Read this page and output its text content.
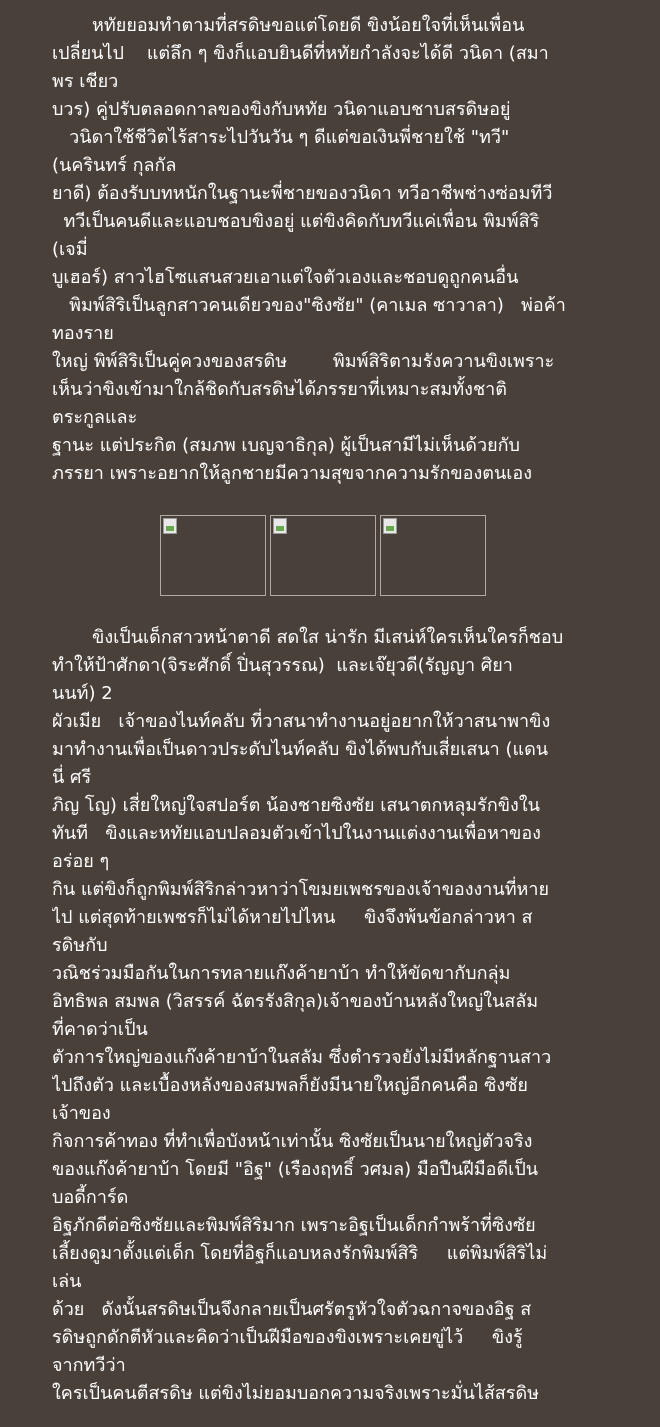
หทัยยอมทำตามที่สรดิษขอแต่โดยดี ขิงน้อยใจที่เห็นเพื่อน
เปลี่ยนไป    แต่ลึก ๆ ขิงก็แอบยินดีที่หทัยกำลังจะได้ดี วนิดา (สมา
พร เชียว
บวร) คู่ปรับตลอดกาลของขิงกับหทัย วนิดาแอบชาบสรดิษอยู่
วนิดาใช้ชีวิตไร้สาระไปวันวัน ๆ ดีแต่ขอเงินพี่ชายใช้ "ทวี"
(นครินทร์ กุลกัล
ยาดี) ต้องรับบทหนักในฐานะพี่ชายของวนิดา ทวีอาชีพช่างซ่อมทีวี
ทวีเป็นคนดีและแอบชอบขิงอยู่ แต่ขิงคิดกับทวีแค่เพื่อน พิมพ์สิริ
(เจมี่
บูเฮอร์) สาวไฮโซแสนสวยเอาแต่ใจตัวเองและชอบดูถูกคนอื่น
พิมพ์สิริเป็นลูกสาวคนเดียวของ"ซิงซัย" (คาเมล ซาวาลา)   พ่อค้า
ทองราย
ใหญ่ พิพ์สิริเป็นคู่ควงของสรดิษ        พิมพ์สิริตามรังควานขิงเพราะ
เห็นว่าขิงเข้ามาใกล้ชิดกับสรดิษได้ภรรยาที่เหมาะสมทั้งชาติ
ตระกูลและ
ฐานะ แต่ประกิต (สมภพ เบญจาธิกุล) ผู้เป็นสามีไม่เห็นด้วยกับ
ภรรยา เพราะอยากให้ลูกชายมีความสุขจากความรักของตนเอง
ขิงเป็นเด็กสาวหน้าตาดี สดใส น่ารัก มีเสน่ห์ใครเห็นใครก็ชอบ
ทำให้ป้าศักดา(จิระศักดิ์ ปิ่นสุวรรณ)  และเจ๊ยุวดี(รัญญา ศิยา
นนท์) 2
ผัวเมีย   เจ้าของไนท์คลับ ที่วาสนาทำงานอยู่อยากให้วาสนาพาขิง
มาทำงานเพื่อเป็นดาวประดับไนท์คลับ ขิงได้พบกับเสี่ยเสนา (แดน
นี่ ศรี
ภิญ โญ) เสี่ยใหญ่ใจสปอร์ต น้องชายซิงซัย เสนาตกหลุมรักขิงใน
ทันที   ขิงและหทัยแอบปลอมตัวเข้าไปในงานแต่งงานเพื่อหาของ
อร่อย ๆ
กิน แต่ขิงก็ถูกพิมพ์สิริกล่าวหาว่าโขมยเพชรของเจ้าของงานที่หาย
ไป แต่สุดท้ายเพชรก็ไม่ได้หายไปไหน     ขิงจึงพ้นข้อกล่าวหา ส
รดิษกับ
วณิชร่วมมือกันในการทลายแก๊งค้ายาบ้า ทำให้ขัดขากับกลุ่ม
อิทธิพล สมพล (วิสรรค์ ฉัตรรังสิกุล)เจ้าของบ้านหลังใหญ่ในสลัม
ที่คาดว่าเป็น
ตัวการใหญ่ของแก๊งค้ายาบ้าในสลัม ซึ่งตำรวจยังไม่มีหลักฐานสาว
ไปถึงตัว และเบื้องหลังของสมพลก็ยังมีนายใหญ่อีกคนคือ ซิงซัย
เจ้าของ
กิจการค้าทอง ที่ทำเพื่อบังหน้าเท่านั้น ซิงซัยเป็นนายใหญ่ตัวจริง
ของแก๊งค้ายาบ้า โดยมี "อิฐ" (เรืองฤทธิ์ วศมล) มือปืนฝีมือดีเป็น
บอดี้การ์ด
อิฐภักดีต่อซิงซัยและพิมพ์สิริมาก เพราะอิฐเป็นเด็กกำพร้าที่ซิงซัย
เลี้ยงดูมาตั้งแต่เด็ก โดยที่อิฐก็แอบหลงรักพิมพ์สิริ     แต่พิมพ์สิริไม่
เล่น
ด้วย   ดังนั้นสรดิษเป็นจึงกลายเป็นศรัตรูหัวใจตัวฉกาจของอิฐ ส
รดิษถูกดักตีหัวและคิดว่าเป็นฝีมือของขิงเพราะเคยขู่ไว้     ขิงรู้
จากทวีว่า
ใครเป็นคนตีสรดิษ แต่ขิงไม่ยอมบอกความจริงเพราะมั่นไส้สรดิษ
